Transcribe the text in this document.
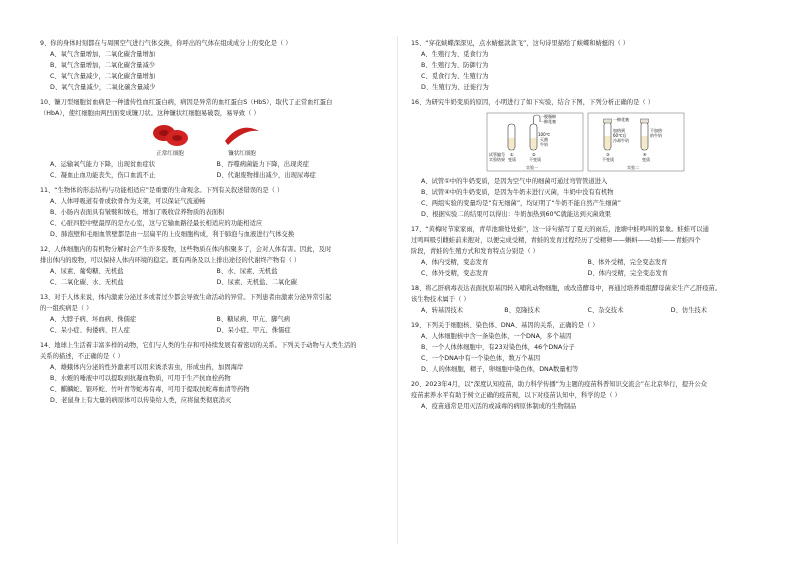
9、你的身体时刻都在与周围空气进行气体交换，你呼出的气体在组成成分上的变化是（ ）

A、氧气含量增加，二氧化碳含量增加
B、氧气含量增加，二氧化碳含量减少
C、氧气含量减少，二氧化碳含量增加
D、氧气含量减少，二氧化碳含量减少

10、镰刀型细胞贫血病是一种遗传性血红蛋白病，病因是异常的血红蛋白S（HbS），取代了正常血红蛋白

（HbA），使红细胞由两凹面变成镰刀状。这种镰状红细胞易破裂，易导致（ ）

正常红细胞	镰状红细胞
A、运输氧气能力下降，出现贫血症状	B、吞噬病菌能力下降，出现炎症
C、凝血止血功能丧失，伤口血流不止	D、代谢废物排出减少，出现尿毒症

11、“生物体的形态结构与功能相适应”是重要的生命观念。下列有关叙述错误的是（ ）

A、人体呼吸道有骨或软骨作为支架，可以保证气流通畅
B、小肠内表面具有皱襞和绒毛，增加了吸收营养物质的表面积
C、心脏四腔中壁最厚的是左心室，这与它输血路径最长相适应的功能相适应
D、肺泡壁和毛细血管壁都是由一层扁平的上皮细胞构成，利于肺泡与血液进行气体交换

12、人体细胞内的有机物分解时会产生许多废物，这些物质在体内积聚多了，会对人体有害。因此，及时

排出体内的废物，可以保持人体内环境的稳定。既有两条及以上排出途径的代谢终产物有（ ）

A、尿素、葡萄糖、无机盐	B、水、尿素、无机盐
C、二氧化碳、水、无机盐	D、尿素、无机盐、二氧化碳

13、对于人体来说，体内激素分泌过多或者过少都会导致生命活动的异常。下列患者由激素分泌异常引起

的一组疾病是（ ）

A、大脖子病、坏血病、侏儒症	B、糖尿病、甲亢、脚气病
C、呆小症、佝偻病、巨人症	D、呆小症、甲亢、侏儒症

14、地球上生活着丰富多样的动物，它们与人类的生存和可持续发展有着密切的关系。下列关于动物与人类生活的

关系的描述，不正确的是（ ）

A、雄蛾体内分泌的性外激素可以用来诱杀害虫，形成虫药，加固海岸
B、水蛭的唾液中可以提取到抗凝血物质，可用于生产抗血栓药物
C、麒麟蛇、银环蛇、竹叶青等蛇毒有毒，可用于提取抗蛇毒血清等药物
D、老鼠身上有大量的病原体可以传染给人类，应将鼠类彻底消灭

15、“穿花蛱蝶深深见，点水蜻蜓款款飞”，这句诗里描绘了蛱蝶和蜻蜓的（ ）

A、生殖行为、觅食行为
B、生殖行为、防御行为
C、觅食行为、生殖行为
D、生殖行为、迁徙行为

16、为研究牛奶变质的原因，小明进行了如下实验，结合下图，下列分析正确的是（ ）

一脱脂棉
一棉花塞
100℃
灭菌
牛奶
试管编号
实验结果
①
变质
②
不变质
实验一
一棉花塞
加热到
60℃后
冷却牛奶
不加热
的牛奶
③
不变质
④
变质
实验二
A、试管①中的牛奶变质，是因为空气中的细菌可通过弯管管道进入
B、试管④中的牛奶变质，是因为牛奶未进行灭菌，牛奶中没有有机物
C、两组实验的变量均是“有无细菌”，均证明了“牛奶不能自然产生细菌”
D、根据实验二的结果可以得出：牛奶加热到60℃就能达到灭菌效果

17、“黄梅时节家家雨，青草池塘处处蛙”，这一诗句描写了夏天的雨后，池塘中蛙鸣叫的景象。蛙蛙可以通

过鸣叫吸引雌蛙前来抱对，以便完成受精，青蛙的发育过程经历了受精卵——蝌蚪——幼蛙——青蛙四个

阶段，青蛙的生殖方式和发育特点分别是（ ）

A、体内受精，变态发育	B、体外受精，完全变态发育
C、体外受精，变态发育	D、体内受精，完全变态发育

18、将乙肝病毒表达表面抗原基因转入哺乳动物细胞，或改造酵母中，再通过培养重组酵母菌来生产乙肝疫苗。

该生物技术属于（ ）

A、转基因技术	B、克隆技术	C、杂交技术	D、仿生技术

19、下列关于细胞核、染色体、DNA、基因的关系，正确的是（ ）

A、人体细胞核中含一条染色体，一个DNA，多个基因
B、一个人体体细胞中，有23对染色体，46个DNA分子
C、一个DNA中有一个染色体，数万个基因
D、人的体细胞，精子，卵细胞中染色体，DNA数量相等

20、2023年4月，以“深度认知疫苗，助力科学传播”为主题的疫苗科普知识交流会”在北京举行，提升公众

疫苗素养水平有助于树立正确的疫苗观，以下对疫苗认知中，科学的是（ ）

A、疫苗通常是用灭活的或减毒的病原体制成的生物制品
